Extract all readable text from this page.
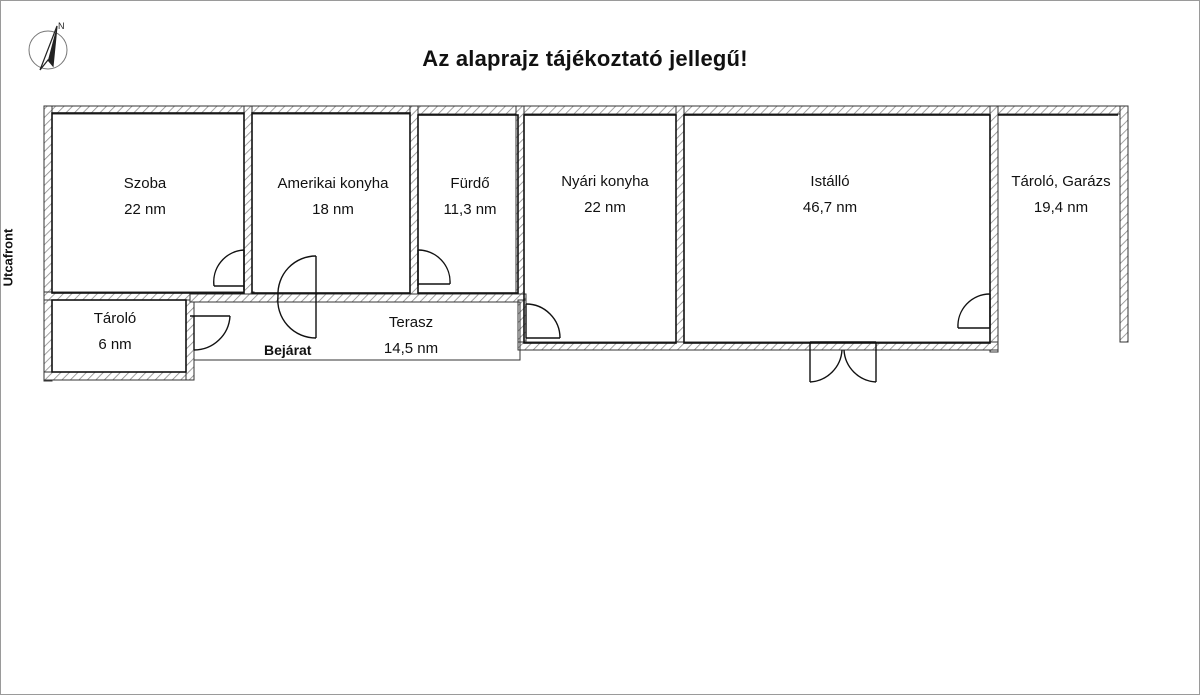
N
Az alaprajz tájékoztató jellegű!
Utcafront
Szoba
22 nm
Amerikai konyha
18 nm
Fürdő
11,3 nm
Nyári konyha
22 nm
Istálló
46,7 nm
Tároló, Garázs
19,4 nm
Tároló
6 nm
Terasz
14,5 nm
Bejárat
